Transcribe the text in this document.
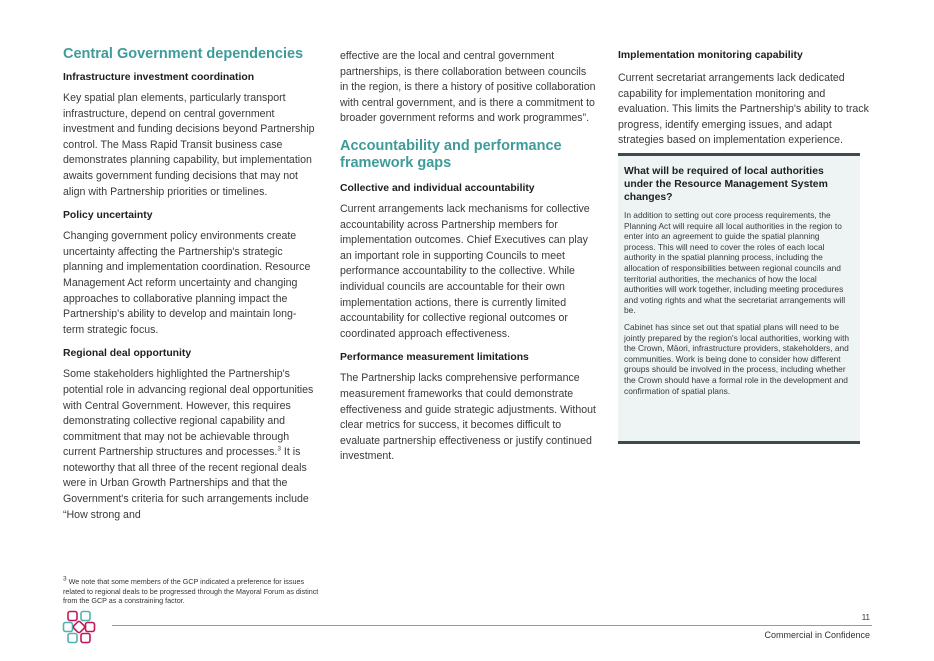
Central Government dependencies
Infrastructure investment coordination

Key spatial plan elements, particularly transport infrastructure, depend on central government investment and funding decisions beyond Partnership control. The Mass Rapid Transit business case demonstrates planning capability, but implementation awaits government funding decisions that may not align with Partnership priorities or timelines.

Policy uncertainty

Changing government policy environments create uncertainty affecting the Partnership's strategic planning and implementation coordination. Resource Management Act reform uncertainty and changing approaches to collaborative planning impact the Partnership's ability to develop and maintain long-term strategic focus.

Regional deal opportunity

Some stakeholders highlighted the Partnership's potential role in advancing regional deal opportunities with Central Government. However, this requires demonstrating collective regional capability and commitment that may not be achievable through current Partnership structures and processes.$^3$ It is noteworthy that all three of the recent regional deals were in Urban Growth Partnerships and that the Government's criteria for such arrangements include “How strong and

effective are the local and central government partnerships, is there collaboration between councils in the region, is there a history of positive collaboration with central government, and is there a commitment to broader government reforms and work programmes”.

Accountability and performance framework gaps
Collective and individual accountability

Current arrangements lack mechanisms for collective accountability across Partnership members for implementation outcomes. Chief Executives can play an important role in supporting Councils to meet performance accountability to the collective. While individual councils are accountable for their own implementation actions, there is currently limited accountability for collective regional outcomes or coordinated approach effectiveness.

Performance measurement limitations

The Partnership lacks comprehensive performance measurement frameworks that could demonstrate effectiveness and guide strategic adjustments. Without clear metrics for success, it becomes difficult to evaluate partnership effectiveness or justify continued investment.

Implementation monitoring capability

Current secretariat arrangements lack dedicated capability for implementation monitoring and evaluation. This limits the Partnership's ability to track progress, identify emerging issues, and adapt strategies based on implementation experience.

What will be required of local authorities under the Resource Management System changes?

In addition to setting out core process requirements, the Planning Act will require all local authorities in the region to enter into an agreement to guide the spatial planning process. This will need to cover the roles of each local authority in the spatial planning process, including the allocation of responsibilities between regional councils and territorial authorities, the mechanics of how the local authorities will work together, including meeting procedures and voting rights and what the secretariat arrangements will be.

Cabinet has since set out that spatial plans will need to be jointly prepared by the region's local authorities, working with the Crown, Māori, infrastructure providers, stakeholders, and communities. Work is being done to consider how different groups should be involved in the process, including whether the Crown should have a formal role in the development and confirmation of spatial plans.

3 We note that some members of the GCP indicated a preference for issues related to regional deals to be progressed through the Mayoral Forum as distinct from the GCP as a constraining factor.
11
Commercial in Confidence
